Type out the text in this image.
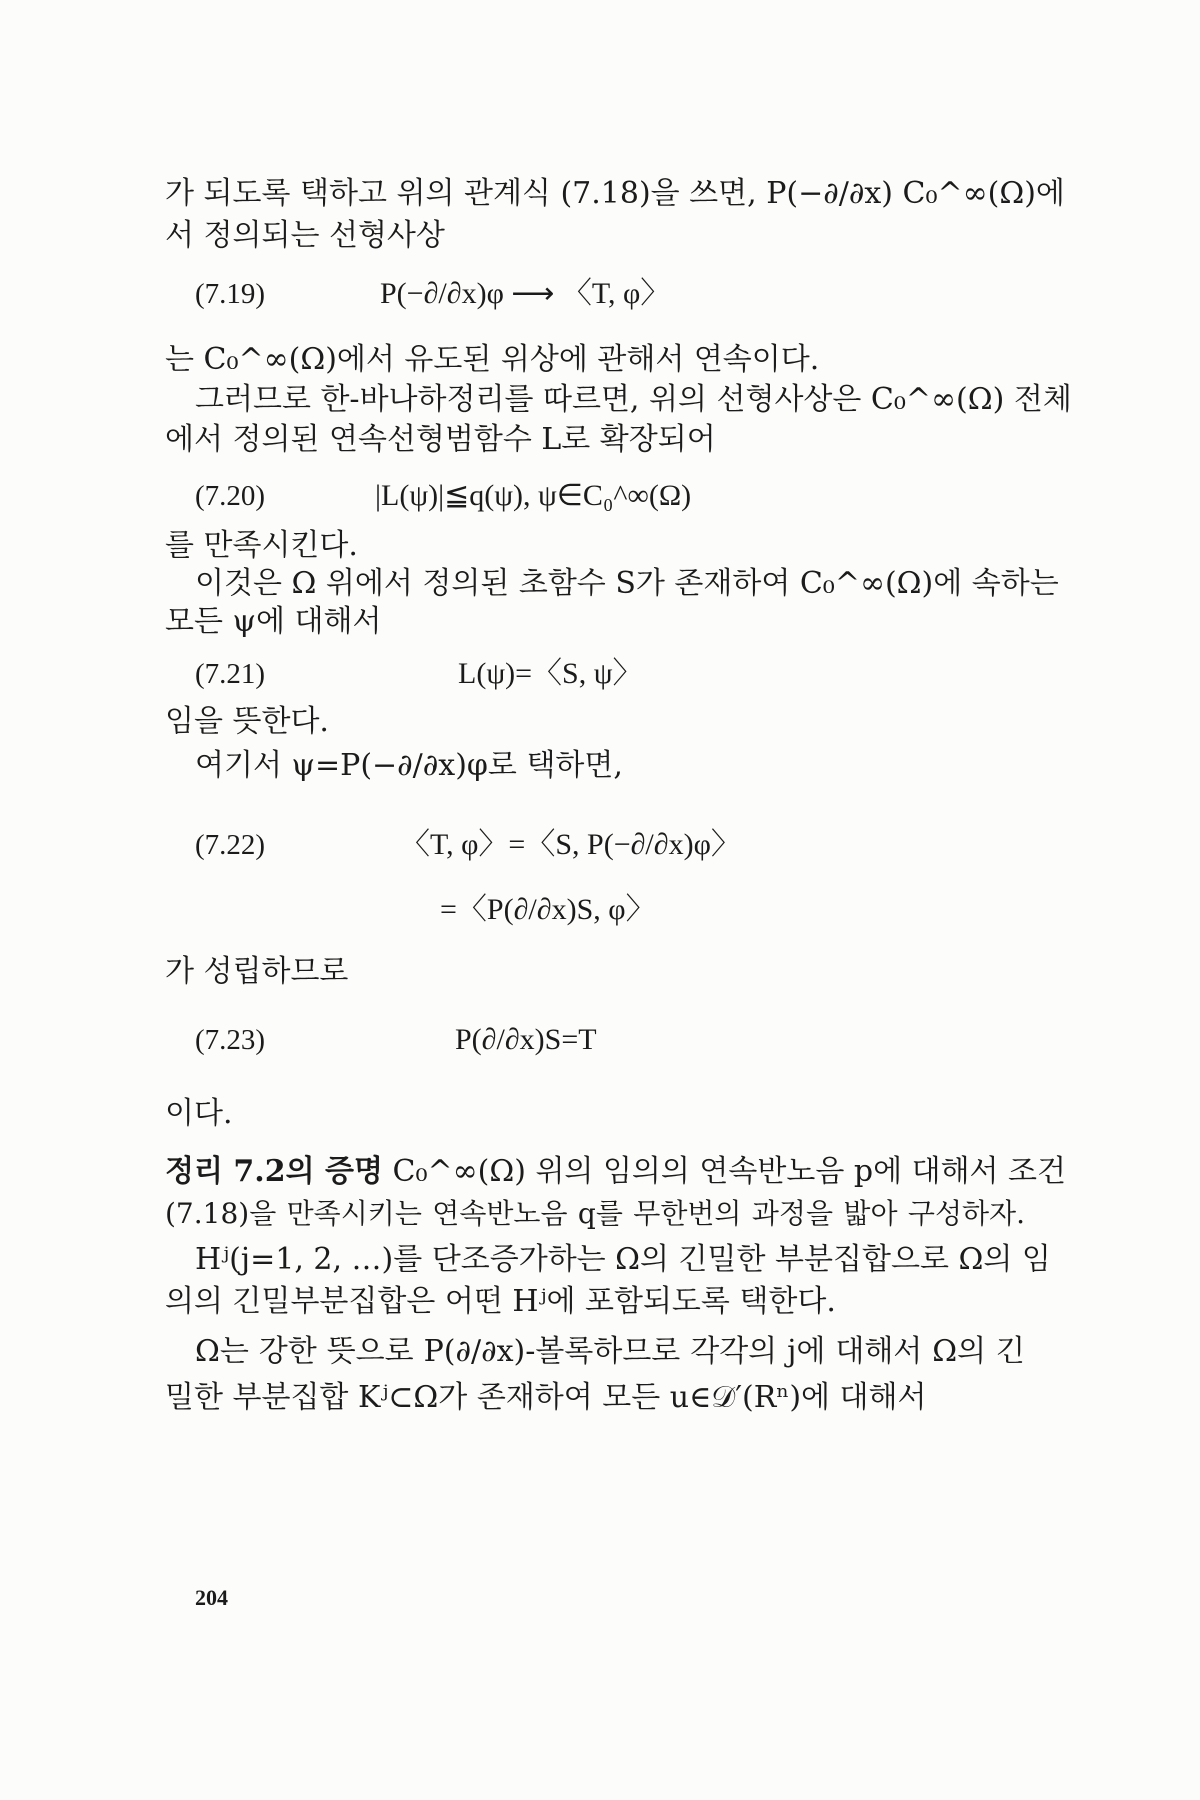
가 되도록 택하고 위의 관계식 (7.18)을 쓰면, P(−∂/∂x) C₀^∞(Ω)에
서 정의되는 선형사상
(7.19)	P(−∂/∂x)φ ⟶ 〈T, φ〉
는 C₀^∞(Ω)에서 유도된 위상에 관해서 연속이다.
그러므로 한-바나하정리를 따르면, 위의 선형사상은 C₀^∞(Ω) 전체
에서 정의된 연속선형범함수 L로 확장되어
(7.20)	|L(ψ)|≦q(ψ), ψ∈C₀^∞(Ω)
를 만족시킨다.
이것은 Ω 위에서 정의된 초함수 S가 존재하여 C₀^∞(Ω)에 속하는
모든 ψ에 대해서
(7.21)	L(ψ)=〈S, ψ〉
임을 뜻한다.
여기서 ψ=P(−∂/∂x)φ로 택하면,
(7.22)	〈T, φ〉=〈S, P(−∂/∂x)φ〉
=〈P(∂/∂x)S, φ〉
가 성립하므로
(7.23)	P(∂/∂x)S=T
이다.
정리 7.2의 증명 C₀^∞(Ω) 위의 임의의 연속반노음 p에 대해서 조건
(7.18)을 만족시키는 연속반노음 q를 무한번의 과정을 밟아 구성하자.
Hʲ(j=1, 2, …)를 단조증가하는 Ω의 긴밀한 부분집합으로 Ω의 임
의의 긴밀부분집합은 어떤 Hʲ에 포함되도록 택한다.
Ω는 강한 뜻으로 P(∂/∂x)-볼록하므로 각각의 j에 대해서 Ω의 긴
밀한 부분집합 Kʲ⊂Ω가 존재하여 모든 u∈𝒟′(Rⁿ)에 대해서
204
